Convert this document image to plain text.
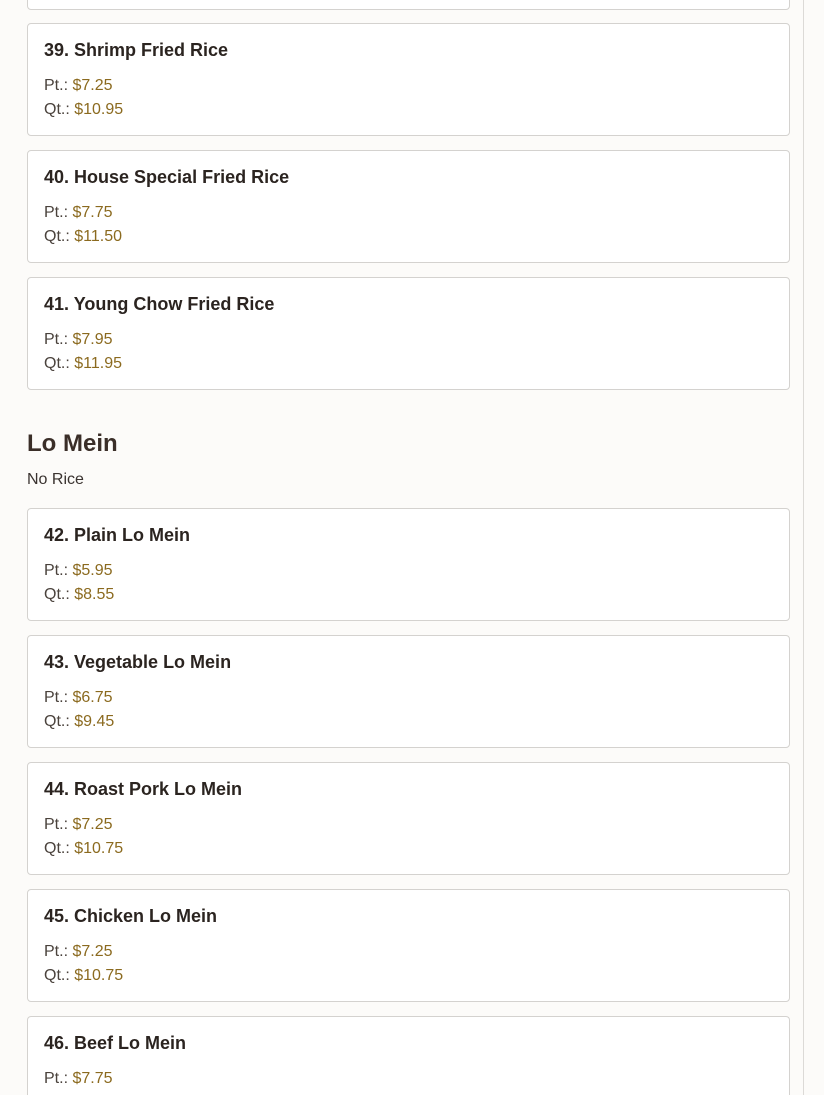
39. Shrimp Fried Rice
Pt.: $7.25
Qt.: $10.95
40. House Special Fried Rice
Pt.: $7.75
Qt.: $11.50
41. Young Chow Fried Rice
Pt.: $7.95
Qt.: $11.95
Lo Mein
No Rice
42. Plain Lo Mein
Pt.: $5.95
Qt.: $8.55
43. Vegetable Lo Mein
Pt.: $6.75
Qt.: $9.45
44. Roast Pork Lo Mein
Pt.: $7.25
Qt.: $10.75
45. Chicken Lo Mein
Pt.: $7.25
Qt.: $10.75
46. Beef Lo Mein
Pt.: $7.75
